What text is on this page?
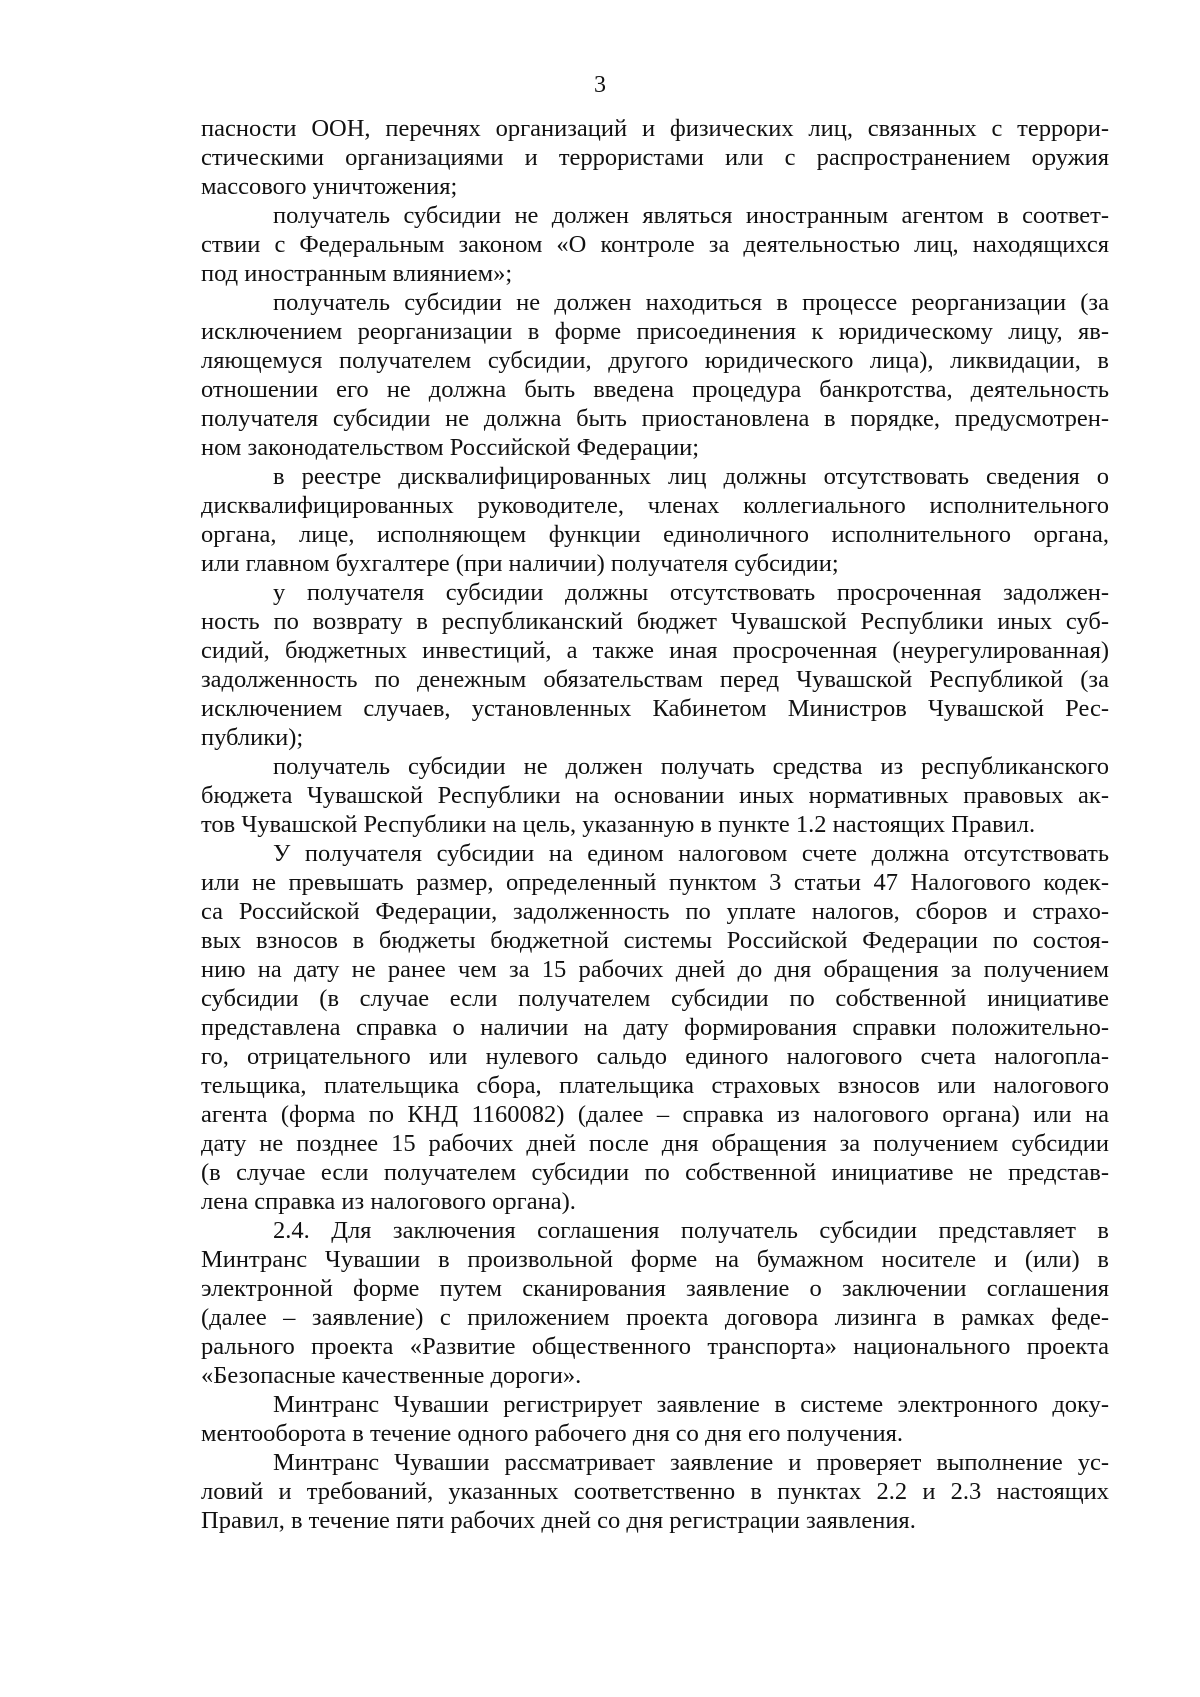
3
пасности ООН, перечнях организаций и физических лиц, связанных с террори-
стическими организациями и террористами или с распространением оружия
массового уничтожения;
получатель субсидии не должен являться иностранным агентом в соответ-
ствии с Федеральным законом «О контроле за деятельностью лиц, находящихся
под иностранным влиянием»;
получатель субсидии не должен находиться в процессе реорганизации (за
исключением реорганизации в форме присоединения к юридическому лицу, яв-
ляющемуся получателем субсидии, другого юридического лица), ликвидации, в
отношении его не должна быть введена процедура банкротства, деятельность
получателя субсидии не должна быть приостановлена в порядке, предусмотрен-
ном законодательством Российской Федерации;
в реестре дисквалифицированных лиц должны отсутствовать сведения о
дисквалифицированных руководителе, членах коллегиального исполнительного
органа, лице, исполняющем функции единоличного исполнительного органа,
или главном бухгалтере (при наличии) получателя субсидии;
у получателя субсидии должны отсутствовать просроченная задолжен-
ность по возврату в республиканский бюджет Чувашской Республики иных суб-
сидий, бюджетных инвестиций, а также иная просроченная (неурегулированная)
задолженность по денежным обязательствам перед Чувашской Республикой (за
исключением случаев, установленных Кабинетом Министров Чувашской Рес-
публики);
получатель субсидии не должен получать средства из республиканского
бюджета Чувашской Республики на основании иных нормативных правовых ак-
тов Чувашской Республики на цель, указанную в пункте 1.2 настоящих Правил.
У получателя субсидии на едином налоговом счете должна отсутствовать
или не превышать размер, определенный пунктом 3 статьи 47 Налогового кодек-
са Российской Федерации, задолженность по уплате налогов, сборов и страхо-
вых взносов в бюджеты бюджетной системы Российской Федерации по состоя-
нию на дату не ранее чем за 15 рабочих дней до дня обращения за получением
субсидии (в случае если получателем субсидии по собственной инициативе
представлена справка о наличии на дату формирования справки положительно-
го, отрицательного или нулевого сальдо единого налогового счета налогопла-
тельщика, плательщика сбора, плательщика страховых взносов или налогового
агента (форма по КНД 1160082) (далее – справка из налогового органа) или на
дату не позднее 15 рабочих дней после дня обращения за получением субсидии
(в случае если получателем субсидии по собственной инициативе не представ-
лена справка из налогового органа).
2.4. Для заключения соглашения получатель субсидии представляет в
Минтранс Чувашии в произвольной форме на бумажном носителе и (или) в
электронной форме путем сканирования заявление о заключении соглашения
(далее – заявление) с приложением проекта договора лизинга в рамках феде-
рального проекта «Развитие общественного транспорта» национального проекта
«Безопасные качественные дороги».
Минтранс Чувашии регистрирует заявление в системе электронного доку-
ментооборота в течение одного рабочего дня со дня его получения.
Минтранс Чувашии рассматривает заявление и проверяет выполнение ус-
ловий и требований, указанных соответственно в пунктах 2.2 и 2.3 настоящих
Правил, в течение пяти рабочих дней со дня регистрации заявления.
